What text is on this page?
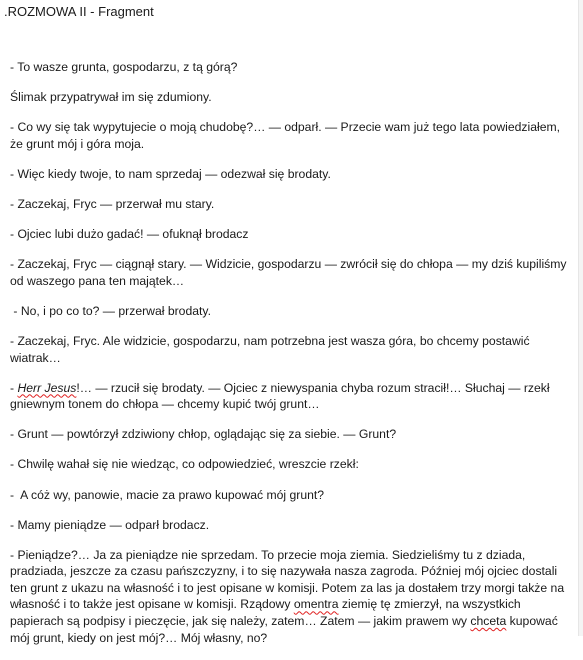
.ROZMOWA II - Fragment

- To wasze grunta, gospodarzu, z tą górą?

Ślimak przypatrywał im się zdumiony.

- Co wy się tak wypytujecie o moją chudobę?… — odparł. — Przecie wam już tego lata powiedziałem, że grunt mój i góra moja.

- Więc kiedy twoje, to nam sprzedaj — odezwał się brodaty.

- Zaczekaj, Fryc — przerwał mu stary.

- Ojciec lubi dużo gadać! — ofuknął brodacz

- Zaczekaj, Fryc — ciągnął stary. — Widzicie, gospodarzu — zwrócił się do chłopa — my dziś kupiliśmy od waszego pana ten majątek…

- No, i po co to? — przerwał brodaty.

- Zaczekaj, Fryc. Ale widzicie, gospodarzu, nam potrzebna jest wasza góra, bo chcemy postawić wiatrak…

- Herr Jesus!… — rzucił się brodaty. — Ojciec z niewyspania chyba rozum stracił!… Słuchaj — rzekł gniewnym tonem do chłopa — chcemy kupić twój grunt…

- Grunt — powtórzył zdziwiony chłop, oglądając się za siebie. — Grunt?

- Chwilę wahał się nie wiedząc, co odpowiedzieć, wreszcie rzekł:

-  A cóż wy, panowie, macie za prawo kupować mój grunt?

- Mamy pieniądze — odparł brodacz.

- Pieniądze?… Ja za pieniądze nie sprzedam. To przecie moja ziemia. Siedzieliśmy tu z dziada, pradziada, jeszcze za czasu pańszczyzny, i to się nazywała nasza zagroda. Później mój ojciec dostali ten grunt z ukazu na własność i to jest opisane w komisji. Potem za las ja dostałem trzy morgi także na własność i to także jest opisane w komisji. Rządowy omentra ziemię tę zmierzył, na wszystkich papierach są podpisy i pieczęcie, jak się należy, zatem… Zatem — jakim prawem wy chceta kupować mój grunt, kiedy on jest mój?… Mój własny, no?
